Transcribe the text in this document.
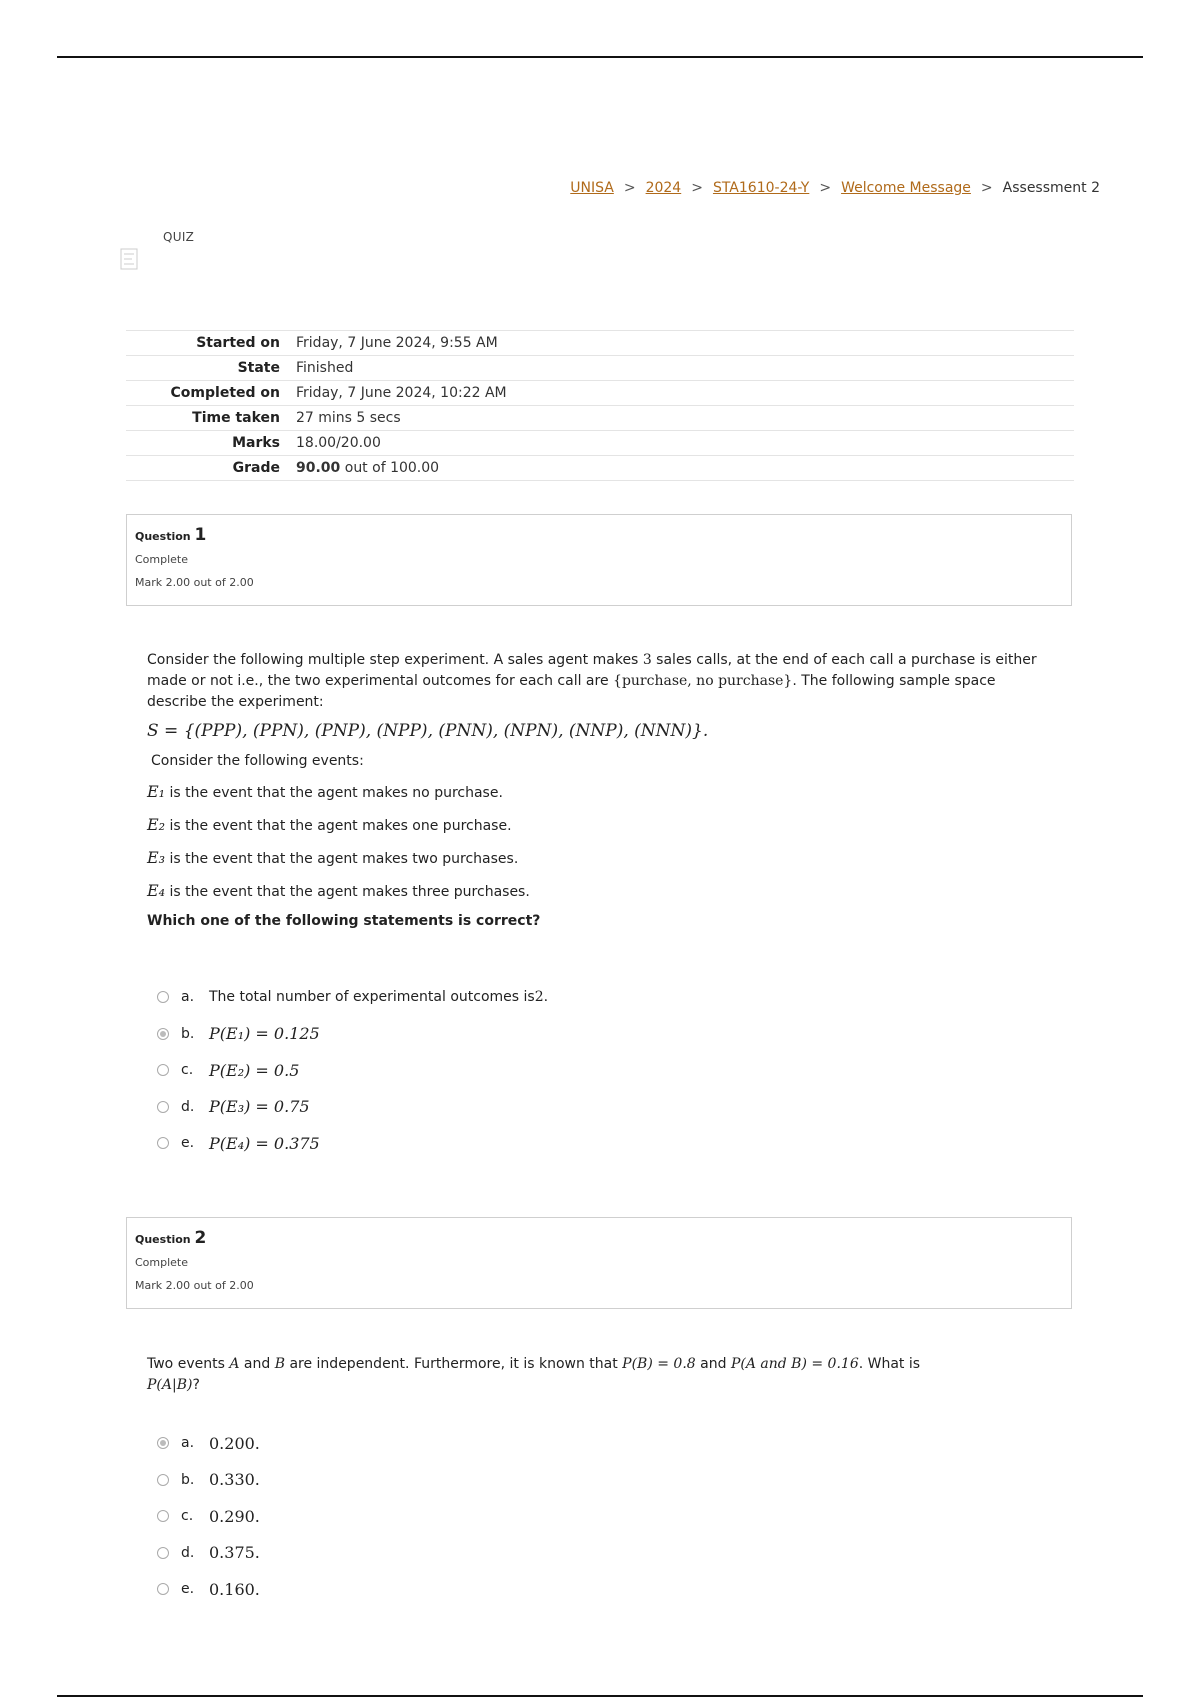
UNISA > 2024 > STA1610-24-Y > Welcome Message > Assessment 2
QUIZ
Started on	Friday, 7 June 2024, 9:55 AM
State	Finished
Completed on	Friday, 7 June 2024, 10:22 AM
Time taken	27 mins 5 secs
Marks	18.00/20.00
Grade	90.00 out of 100.00
Question 1
Complete
Mark 2.00 out of 2.00
Consider the following multiple step experiment. A sales agent makes 3 sales calls, at the end of each call a purchase is either made or not i.e., the two experimental outcomes for each call are {purchase, no purchase}. The following sample space describe the experiment:
S = {(PPP), (PPN), (PNP), (NPP), (PNN), (NPN), (NNP), (NNN)}.
Consider the following events:
E₁ is the event that the agent makes no purchase.
E₂ is the event that the agent makes one purchase.
E₃ is the event that the agent makes two purchases.
E₄ is the event that the agent makes three purchases.
Which one of the following statements is correct?
a.	The total number of experimental outcomes is 2.
b. P(E₁) = 0.125
c. P(E₂) = 0.5
d. P(E₃) = 0.75
e. P(E₄) = 0.375
Question 2
Complete
Mark 2.00 out of 2.00
Two events A and B are independent. Furthermore, it is known that P(B) = 0.8 and P(A and B) = 0.16. What is
P(A|B)?
a. 0.200.
b. 0.330.
c. 0.290.
d. 0.375.
e. 0.160.
